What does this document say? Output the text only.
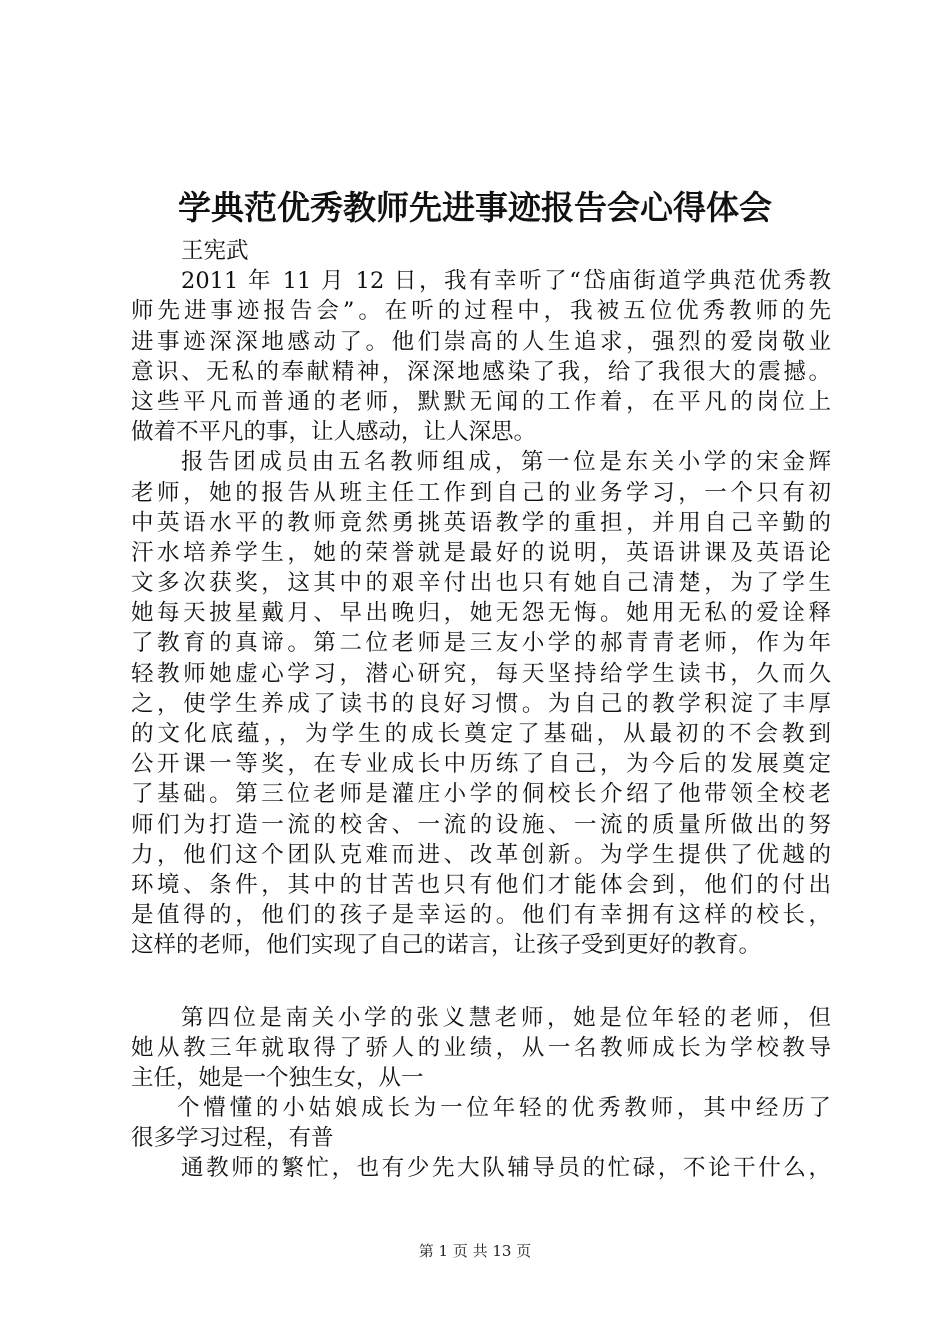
学典范优秀教师先进事迹报告会心得体会
王宪武
2011 年 11 月 12 日，我有幸听了“岱庙街道学典范优秀教
师先进事迹报告会”。在听的过程中，我被五位优秀教师的先
进事迹深深地感动了。他们崇高的人生追求，强烈的爱岗敬业
意识、无私的奉献精神，深深地感染了我，给了我很大的震撼。
这些平凡而普通的老师，默默无闻的工作着，在平凡的岗位上
做着不平凡的事，让人感动，让人深思。
报告团成员由五名教师组成，第一位是东关小学的宋金辉
老师，她的报告从班主任工作到自己的业务学习，一个只有初
中英语水平的教师竟然勇挑英语教学的重担，并用自己辛勤的
汗水培养学生，她的荣誉就是最好的说明，英语讲课及英语论
文多次获奖，这其中的艰辛付出也只有她自己清楚，为了学生
她每天披星戴月、早出晚归，她无怨无悔。她用无私的爱诠释
了教育的真谛。第二位老师是三友小学的郝青青老师，作为年
轻教师她虚心学习，潜心研究，每天坚持给学生读书，久而久
之，使学生养成了读书的良好习惯。为自己的教学积淀了丰厚
的文化底蕴，，为学生的成长奠定了基础，从最初的不会教到
公开课一等奖，在专业成长中历练了自己，为今后的发展奠定
了基础。第三位老师是灌庄小学的侗校长介绍了他带领全校老
师们为打造一流的校舍、一流的设施、一流的质量所做出的努
力，他们这个团队克难而进、改革创新。为学生提供了优越的
环境、条件，其中的甘苦也只有他们才能体会到，他们的付出
是值得的，他们的孩子是幸运的。他们有幸拥有这样的校长，
这样的老师，他们实现了自己的诺言，让孩子受到更好的教育。
第四位是南关小学的张义慧老师，她是位年轻的老师，但
她从教三年就取得了骄人的业绩，从一名教师成长为学校教导
主任，她是一个独生女，从一
个懵懂的小姑娘成长为一位年轻的优秀教师，其中经历了
很多学习过程，有普
通教师的繁忙，也有少先大队辅导员的忙碌，不论干什么，
第 1 页 共 13 页
